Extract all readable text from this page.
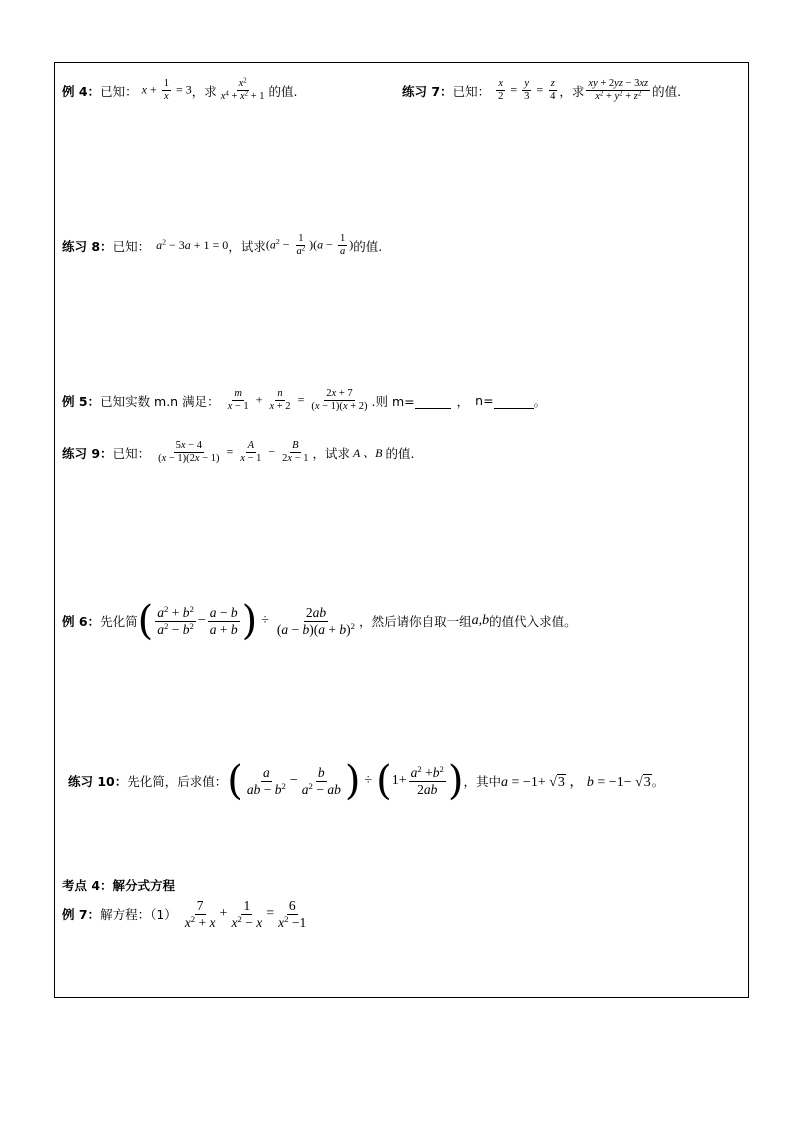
例 4： 已知： $x + \frac{1}{x} = 3$ ，求 $\frac{x^2}{x^4 + x^2 + 1}$ 的值.	练习 7： 已知： $\frac{x}{2} = \frac{y}{3} = \frac{z}{4}$ ，求 $\frac{xy + 2yz - 3xz}{x^2 + y^2 + z^2}$ 的值.
练习 8： 已知： $a^2 - 3a + 1 = 0$ ，试求 $(a^2 - \frac{1}{a^2} )(a - \frac{1}{a}$ ) 的值.
例 5： 已知实数 m.n 满足： $\frac{m}{x - 1} + \frac{n}{x + 2} = \frac{2x + 7}{(x - 1)(x + 2)}$ .则 m=
	， n=
	。
练习 9： 已知： $\frac{5x - 4}{(x - 1)(2x - 1)} = \frac{A}{x - 1} - \frac{B}{2x - 1}$ ，试求 A 、B 的值.
例 6： 先化简 ( $\frac{a^2 + b^2}{a^2 - b^2} - \frac{a - b}{a + b}$ ) ÷ $\frac{2ab}{(a - b)(a + b)^2}$ ，然后请你自取一组 a,b 的值代入求值。
练习 10： 先化简，后求值： ( $\frac{a}{ab - b^2} - \frac{b}{a^2 - ab}$ ) ÷ ( $1+ \frac{a^2 +b^2}{2ab}$ ) ，其中 a = −1+ √3 ， b = −1− √3 。
考点 4：解分式方程
例 7： 解方程：$(1) \frac{7}{x^2 + x} + \frac{1}{x^2 - x} = \frac{6}{x^2 -1}$
